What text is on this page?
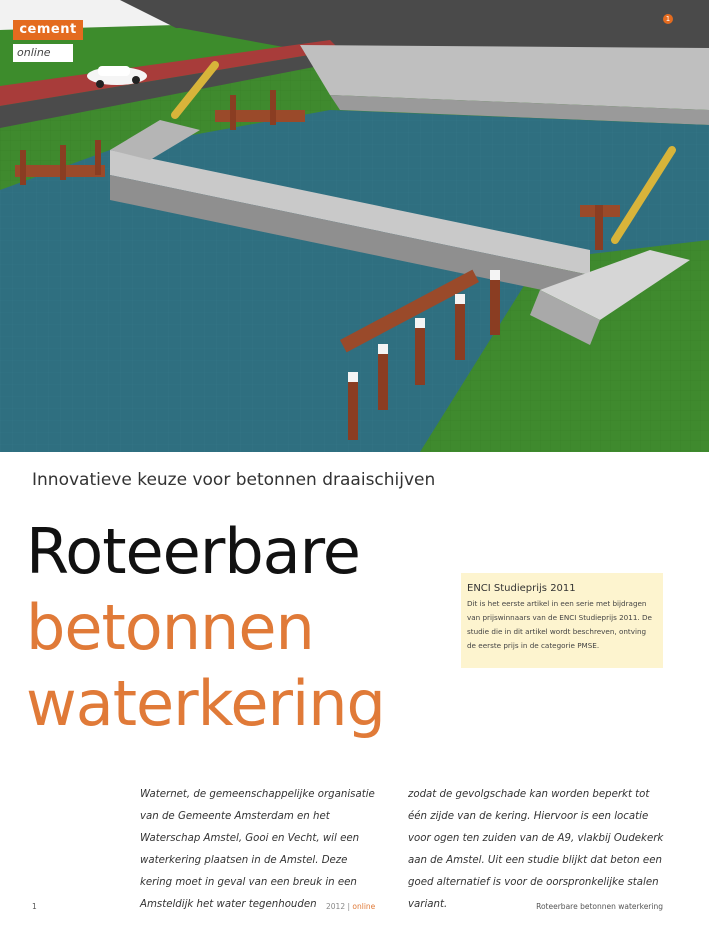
cement
online
1
Innovatieve keuze voor betonnen draaischijven
Roteerbare
betonnen
waterkering
ENCI Studieprijs 2011

Dit is het eerste artikel in een serie met bijdragen van prijswinnaars van de ENCI Studieprijs 2011. De studie die in dit artikel wordt beschreven, ontving de eerste prijs in de categorie PMSE.

Waternet, de gemeenschappelijke organisatie van de Gemeente Amsterdam en het Waterschap Amstel, Gooi en Vecht, wil een waterkering plaatsen in de Amstel. Deze kering moet in geval van een breuk in een Amsteldijk het water tegenhouden

zodat de gevolgschade kan worden beperkt tot één zijde van de kering. Hiervoor is een locatie voor ogen ten zuiden van de A9, vlakbij Oudekerk aan de Amstel. Uit een studie blijkt dat beton een goed alternatief is voor de oorspronkelijke stalen variant.

1	2012 | online	Roteerbare betonnen waterkering
